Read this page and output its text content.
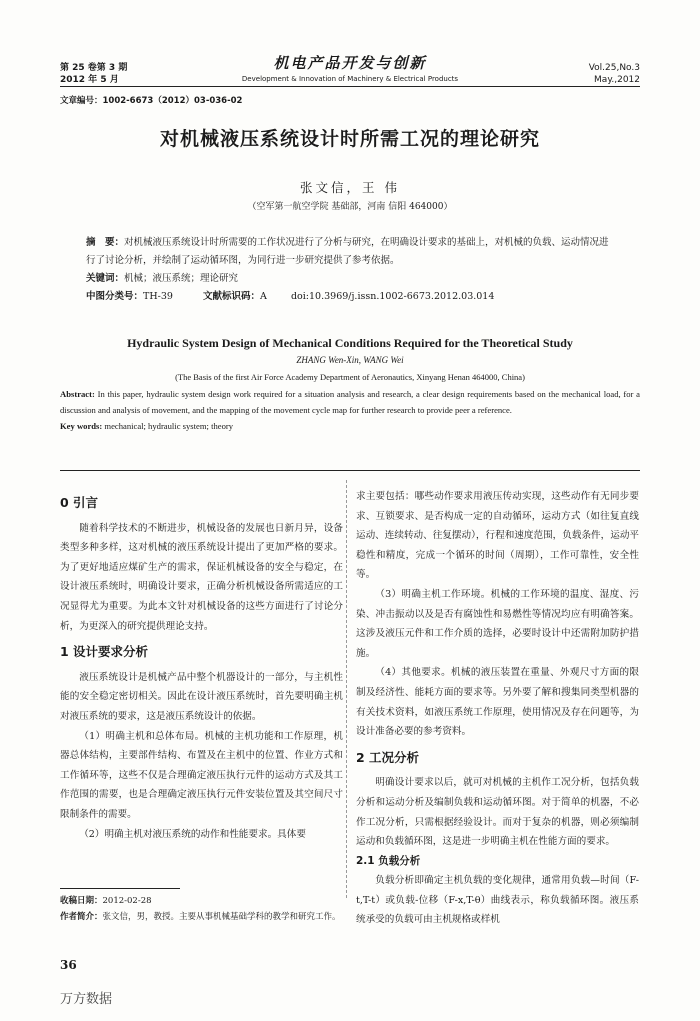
第 25 卷第 3 期
2012 年 5 月
机电产品开发与创新
Development & Innovation of Machinery & Electrical Products
Vol.25,No.3
May.,2012
文章编号：1002-6673（2012）03-036-02
对机械液压系统设计时所需工况的理论研究
张文信，王 伟
（空军第一航空学院 基础部，河南 信阳 464000）
摘　要：对机械液压系统设计时所需要的工作状况进行了分析与研究，在明确设计要求的基础上，对机械的负载、运动情况进行了讨论分析，并绘制了运动循环图，为同行进一步研究提供了参考依据。
关键词：机械；液压系统；理论研究
中图分类号：TH-39	文献标识码：A	doi:10.3969/j.issn.1002-6673.2012.03.014
Hydraulic System Design of Mechanical Conditions Required for the Theoretical Study
ZHANG Wen-Xin, WANG Wei
(The Basis of the first Air Force Academy Department of Aeronautics, Xinyang Henan 464000, China)
Abstract: In this paper, hydraulic system design work required for a situation analysis and research, a clear design requirements based on the mechanical load, for a discussion and analysis of movement, and the mapping of the movement cycle map for further research to provide peer a reference.
Key words: mechanical; hydraulic system; theory
0 引言

随着科学技术的不断进步，机械设备的发展也日新月异，设备类型多种多样，这对机械的液压系统设计提出了更加严格的要求。为了更好地适应煤矿生产的需求，保证机械设备的安全与稳定，在设计液压系统时，明确设计要求，正确分析机械设备所需适应的工况显得尤为重要。为此本文针对机械设备的这些方面进行了讨论分析，为更深入的研究提供理论支持。

1 设计要求分析

液压系统设计是机械产品中整个机器设计的一部分，与主机性能的安全稳定密切相关。因此在设计液压系统时，首先要明确主机对液压系统的要求，这是液压系统设计的依据。

（1）明确主机和总体布局。机械的主机功能和工作原理，机器总体结构，主要部件结构、布置及在主机中的位置、作业方式和工作循环等，这些不仅是合理确定液压执行元件的运动方式及其工作范围的需要，也是合理确定液压执行元件安装位置及其空间尺寸限制条件的需要。

（2）明确主机对液压系统的动作和性能要求。具体要

求主要包括：哪些动作要求用液压传动实现，这些动作有无同步要求、互锁要求、是否构成一定的自动循环，运动方式（如往复直线运动、连续转动、往复摆动），行程和速度范围，负载条件，运动平稳性和精度，完成一个循环的时间（周期），工作可靠性，安全性等。

（3）明确主机工作环境。机械的工作环境的温度、湿度、污染、冲击振动以及是否有腐蚀性和易燃性等情况均应有明确答案。这涉及液压元件和工作介质的选择，必要时设计中还需附加防护措施。

（4）其他要求。机械的液压装置在重量、外观尺寸方面的限制及经济性、能耗方面的要求等。另外要了解和搜集同类型机器的有关技术资料，如液压系统工作原理，使用情况及存在问题等，为设计准备必要的参考资料。

2 工况分析

明确设计要求以后，就可对机械的主机作工况分析，包括负载分析和运动分析及编制负载和运动循环图。对于简单的机器，不必作工况分析，只需根据经验设计。而对于复杂的机器，则必须编制运动和负载循环图，这是进一步明确主机在性能方面的要求。

2.1 负载分析

负载分析即确定主机负载的变化规律，通常用负载—时间（F-t,T-t）或负载-位移（F-x,T-θ）曲线表示，称负载循环图。液压系统承受的负载可由主机规格或样机

收稿日期：2012-02-28
作者简介：张文信，男，教授。主要从事机械基础学科的教学和研究工作。
36
万方数据
